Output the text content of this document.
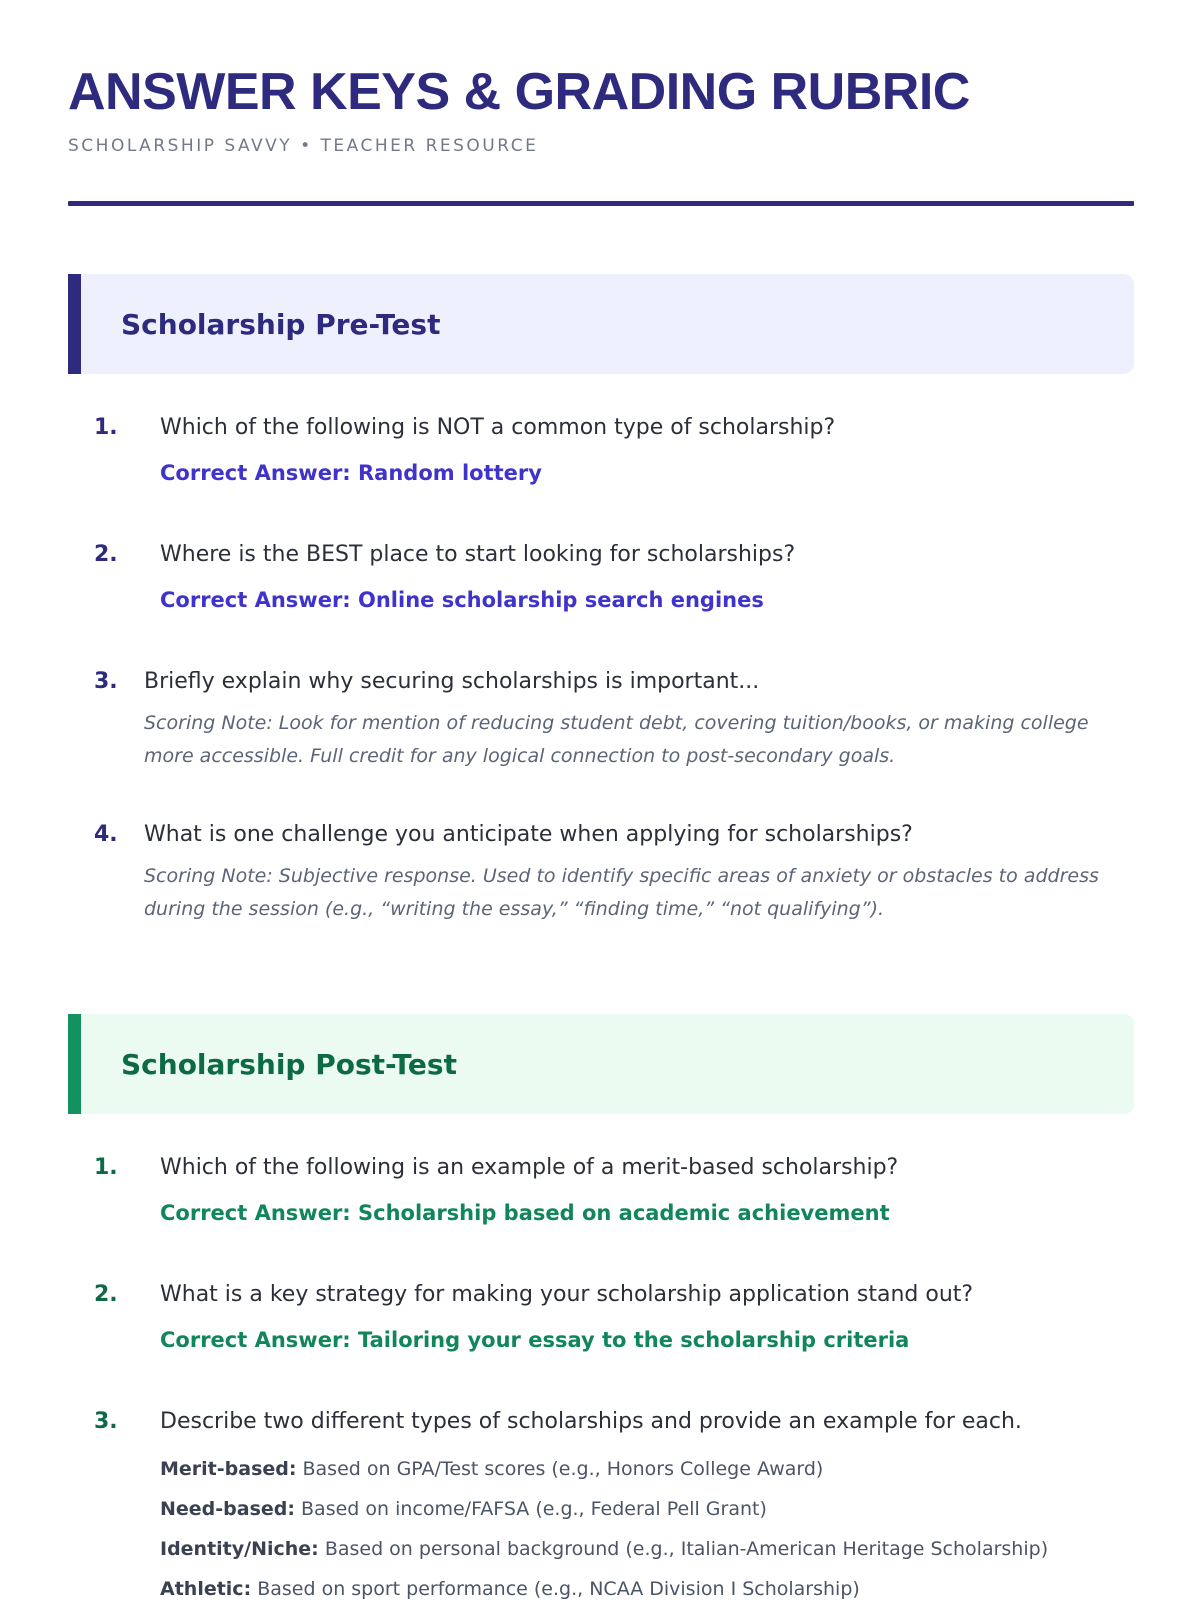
ANSWER KEYS & GRADING RUBRIC

SCHOLARSHIP SAVVY • TEACHER RESOURCE

Scholarship Pre-Test
1. Which of the following is NOT a common type of scholarship?
Correct Answer: Random lottery
2. Where is the BEST place to start looking for scholarships?
Correct Answer: Online scholarship search engines
3. Briefly explain why securing scholarships is important...
Scoring Note: Look for mention of reducing student debt, covering tuition/books, or making college more accessible. Full credit for any logical connection to post-secondary goals.
4. What is one challenge you anticipate when applying for scholarships?
Scoring Note: Subjective response. Used to identify specific areas of anxiety or obstacles to address during the session (e.g., “writing the essay,” “finding time,” “not qualifying”).
Scholarship Post-Test
1. Which of the following is an example of a merit-based scholarship?
Correct Answer: Scholarship based on academic achievement
2. What is a key strategy for making your scholarship application stand out?
Correct Answer: Tailoring your essay to the scholarship criteria
3. Describe two different types of scholarships and provide an example for each.
Merit-based: Based on GPA/Test scores (e.g., Honors College Award)
Need-based: Based on income/FAFSA (e.g., Federal Pell Grant)
Identity/Niche: Based on personal background (e.g., Italian-American Heritage Scholarship)
Athletic: Based on sport performance (e.g., NCAA Division I Scholarship)
